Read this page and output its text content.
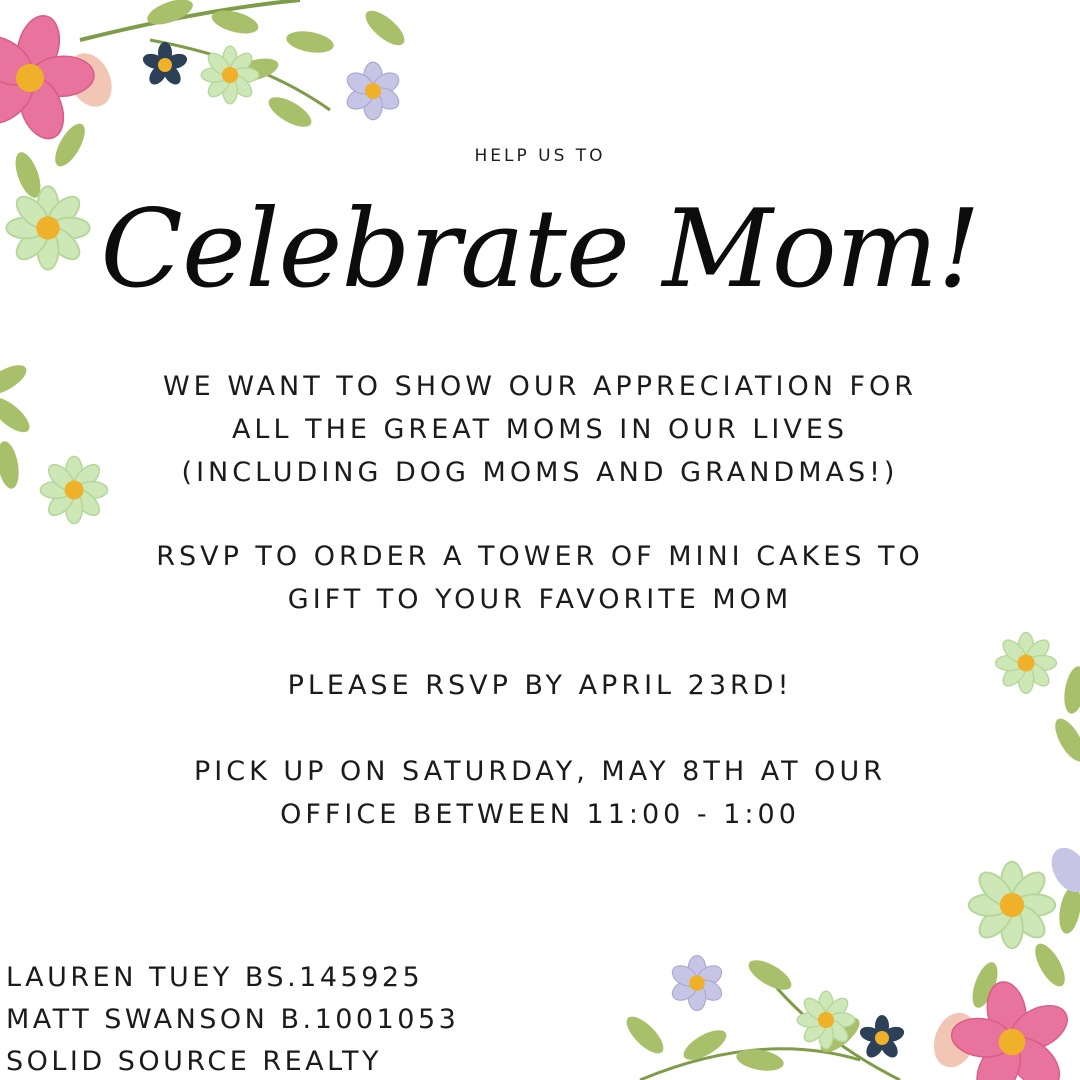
HELP US TO
Celebrate Mom!
WE WANT TO SHOW OUR APPRECIATION FOR
ALL THE GREAT MOMS IN OUR LIVES
(INCLUDING DOG MOMS AND GRANDMAS!)
RSVP TO ORDER A TOWER OF MINI CAKES TO
GIFT TO YOUR FAVORITE MOM
PLEASE RSVP BY APRIL 23RD!
PICK UP ON SATURDAY, MAY 8TH AT OUR
OFFICE BETWEEN 11:00 - 1:00
LAUREN TUEY BS.145925
MATT SWANSON B.1001053
SOLID SOURCE REALTY
